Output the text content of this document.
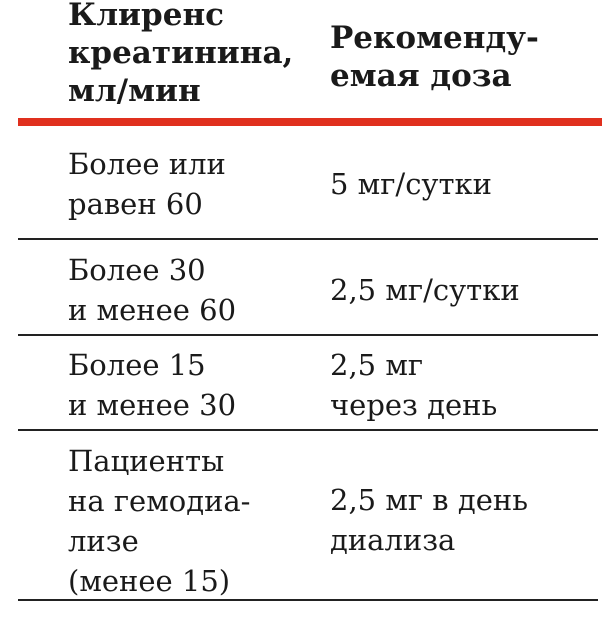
Клиренс
креатинина,
мл/мин
Рекоменду-
емая доза
Более или
равен 60
5 мг/сутки
Более 30
и менее 60
2,5 мг/сутки
Более 15
и менее 30
2,5 мг
через день
Пациенты
на гемодиа-
лизе
(менее 15)
2,5 мг в день
диализа
